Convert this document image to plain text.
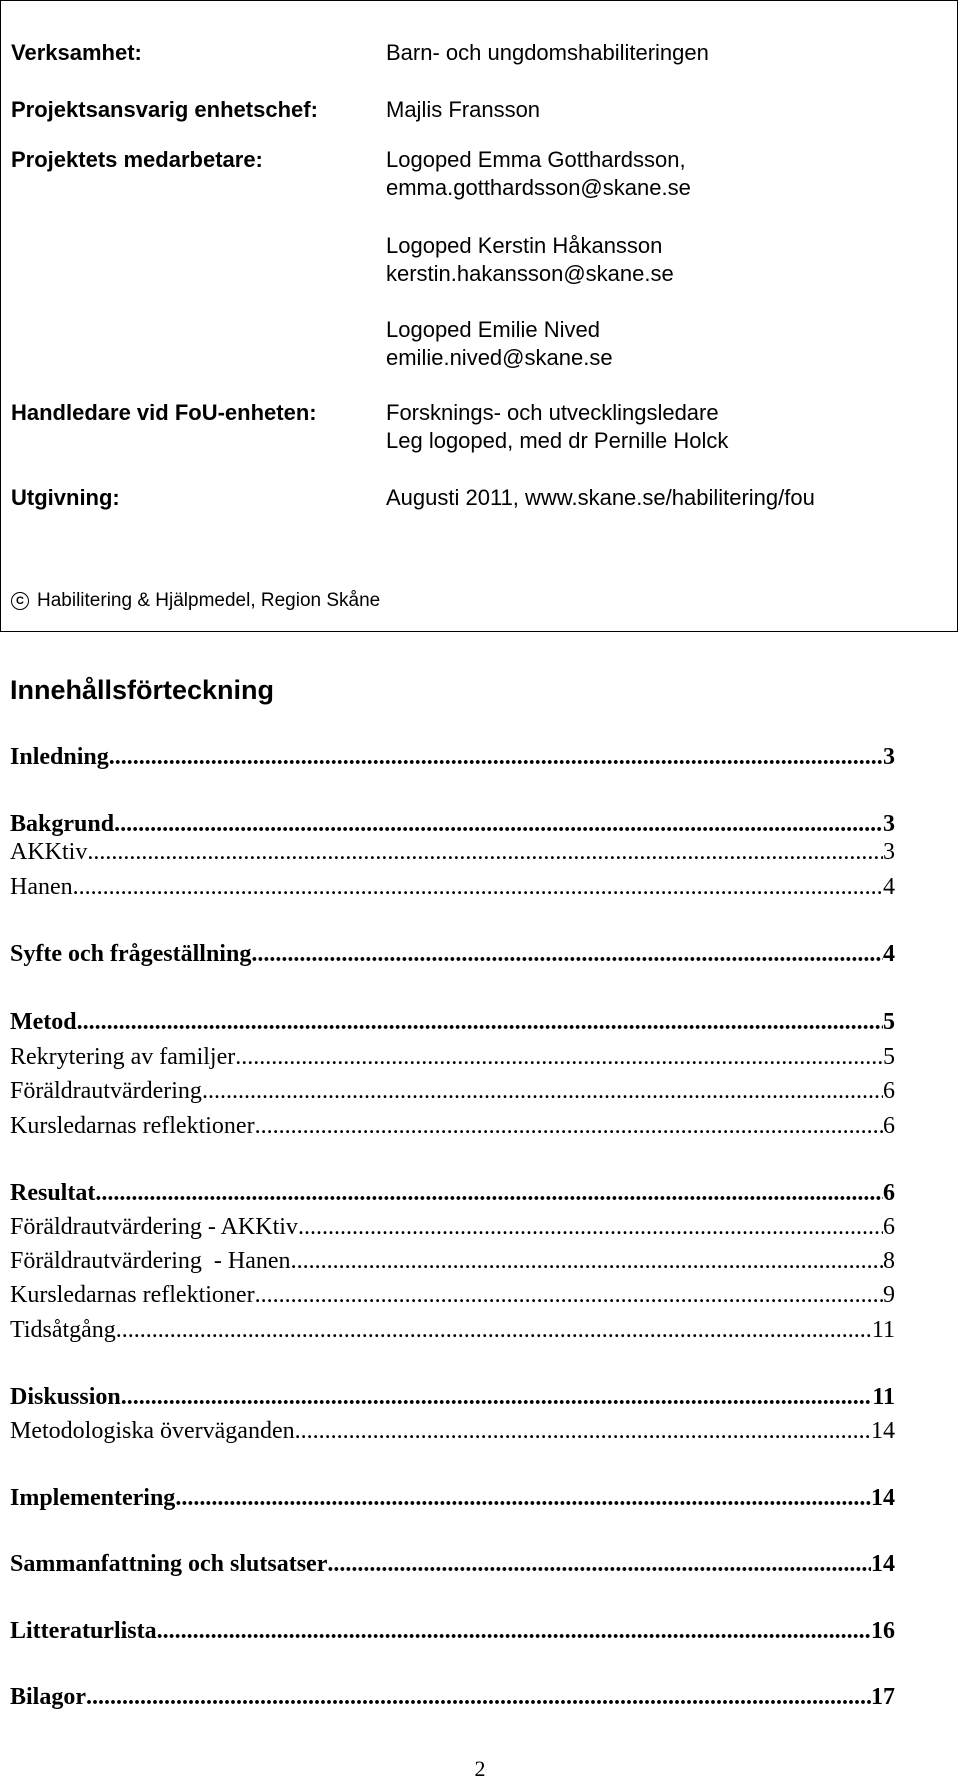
Verksamhet:	Barn- och ungdomshabiliteringen
Projektsansvarig enhetschef:	Majlis Fransson
Projektets medarbetare:	Logoped Emma Gotthardsson,
emma.gotthardsson@skane.se
Logoped Kerstin Håkansson
kerstin.hakansson@skane.se
Logoped Emilie Nived
emilie.nived@skane.se
Handledare vid FoU-enheten:	Forsknings- och utvecklingsledare
Leg logoped, med dr Pernille Holck
Utgivning:	Augusti 2011, www.skane.se/habilitering/fou
C Habilitering & Hjälpmedel, Region Skåne
Innehållsförteckning
Inledning .....	3
Bakgrund .....	3
AKKtiv .....	3
Hanen .....	4
Syfte och frågeställning .....	4
Metod .....	5
Rekrytering av familjer .....	5
Föräldrautvärdering .....	6
Kursledarnas reflektioner .....	6
Resultat .....	6
Föräldrautvärdering - AKKtiv .....	6
Föräldrautvärdering  - Hanen .....	8
Kursledarnas reflektioner .....	9
Tidsåtgång .....	11
Diskussion .....	11
Metodologiska överväganden .....	14
Implementering .....	14
Sammanfattning och slutsatser .....	14
Litteraturlista .....	16
Bilagor .....	17
2
